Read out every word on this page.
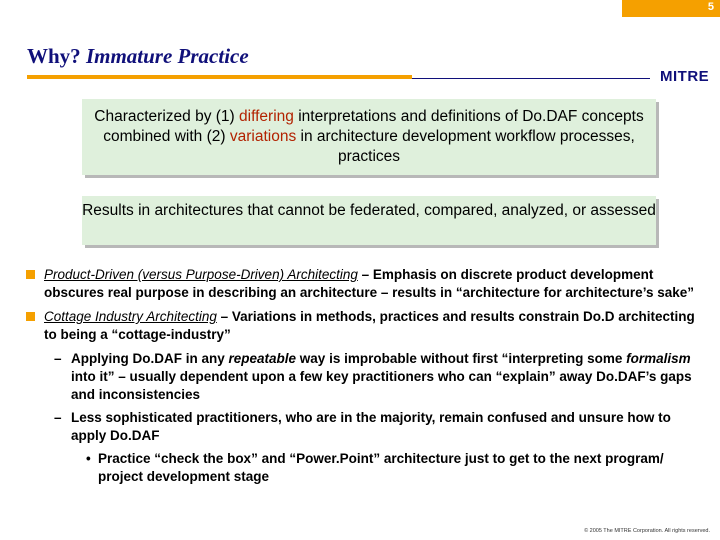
5
Why? Immature Practice
MITRE
Characterized by (1) differing interpretations and definitions of Do.DAF concepts combined with (2) variations in architecture development workflow processes, practices
Results in architectures that cannot be federated, compared, analyzed, or assessed
Product-Driven (versus Purpose-Driven) Architecting – Emphasis on discrete product development obscures real purpose in describing an architecture – results in “architecture for architecture’s sake”
Cottage Industry Architecting – Variations in methods, practices and results constrain Do.D architecting to being a “cottage-industry”
– Applying Do.DAF in any repeatable way is improbable without first “interpreting some formalism into it” – usually dependent upon a few key practitioners who can “explain” away Do.DAF’s gaps and inconsistencies
– Less sophisticated practitioners, who are in the majority, remain confused and unsure how to apply Do.DAF
• Practice “check the box” and “Power.Point” architecture just to get to the next program/ project development stage
© 2005 The MITRE Corporation. All rights reserved.
